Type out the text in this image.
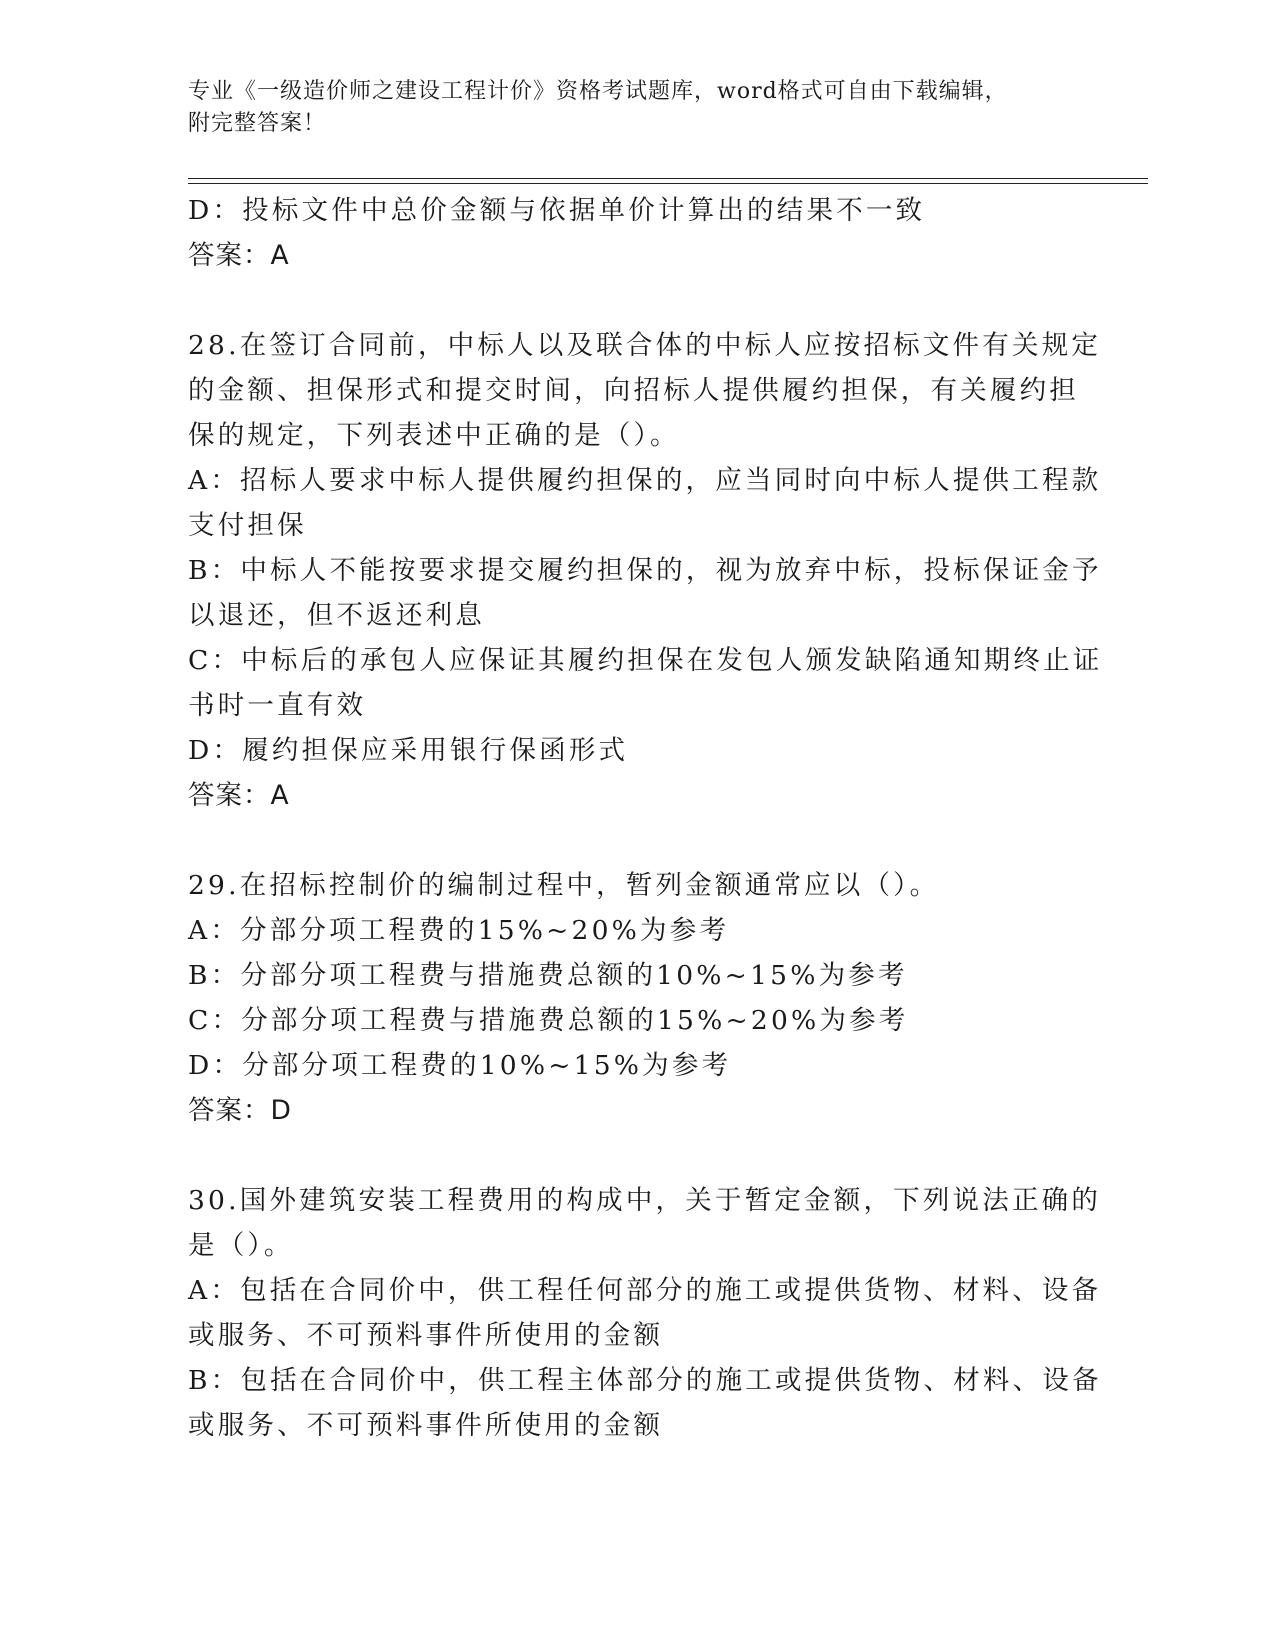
专业《一级造价师之建设工程计价》资格考试题库，word格式可自由下载编辑，
附完整答案！
D：投标文件中总价金额与依据单价计算出的结果不一致
答案：A
28.在签订合同前，中标人以及联合体的中标人应按招标文件有关规定
的金额、担保形式和提交时间，向招标人提供履约担保，有关履约担
保的规定，下列表述中正确的是（）。
A：招标人要求中标人提供履约担保的，应当同时向中标人提供工程款
支付担保
B：中标人不能按要求提交履约担保的，视为放弃中标，投标保证金予
以退还，但不返还利息
C：中标后的承包人应保证其履约担保在发包人颁发缺陷通知期终止证
书时一直有效
D：履约担保应采用银行保函形式
答案：A
29.在招标控制价的编制过程中，暂列金额通常应以（）。
A：分部分项工程费的15%~20%为参考
B：分部分项工程费与措施费总额的10%~15%为参考
C：分部分项工程费与措施费总额的15%~20%为参考
D：分部分项工程费的10%~15%为参考
答案：D
30.国外建筑安装工程费用的构成中，关于暂定金额，下列说法正确的
是（）。
A：包括在合同价中，供工程任何部分的施工或提供货物、材料、设备
或服务、不可预料事件所使用的金额
B：包括在合同价中，供工程主体部分的施工或提供货物、材料、设备
或服务、不可预料事件所使用的金额
